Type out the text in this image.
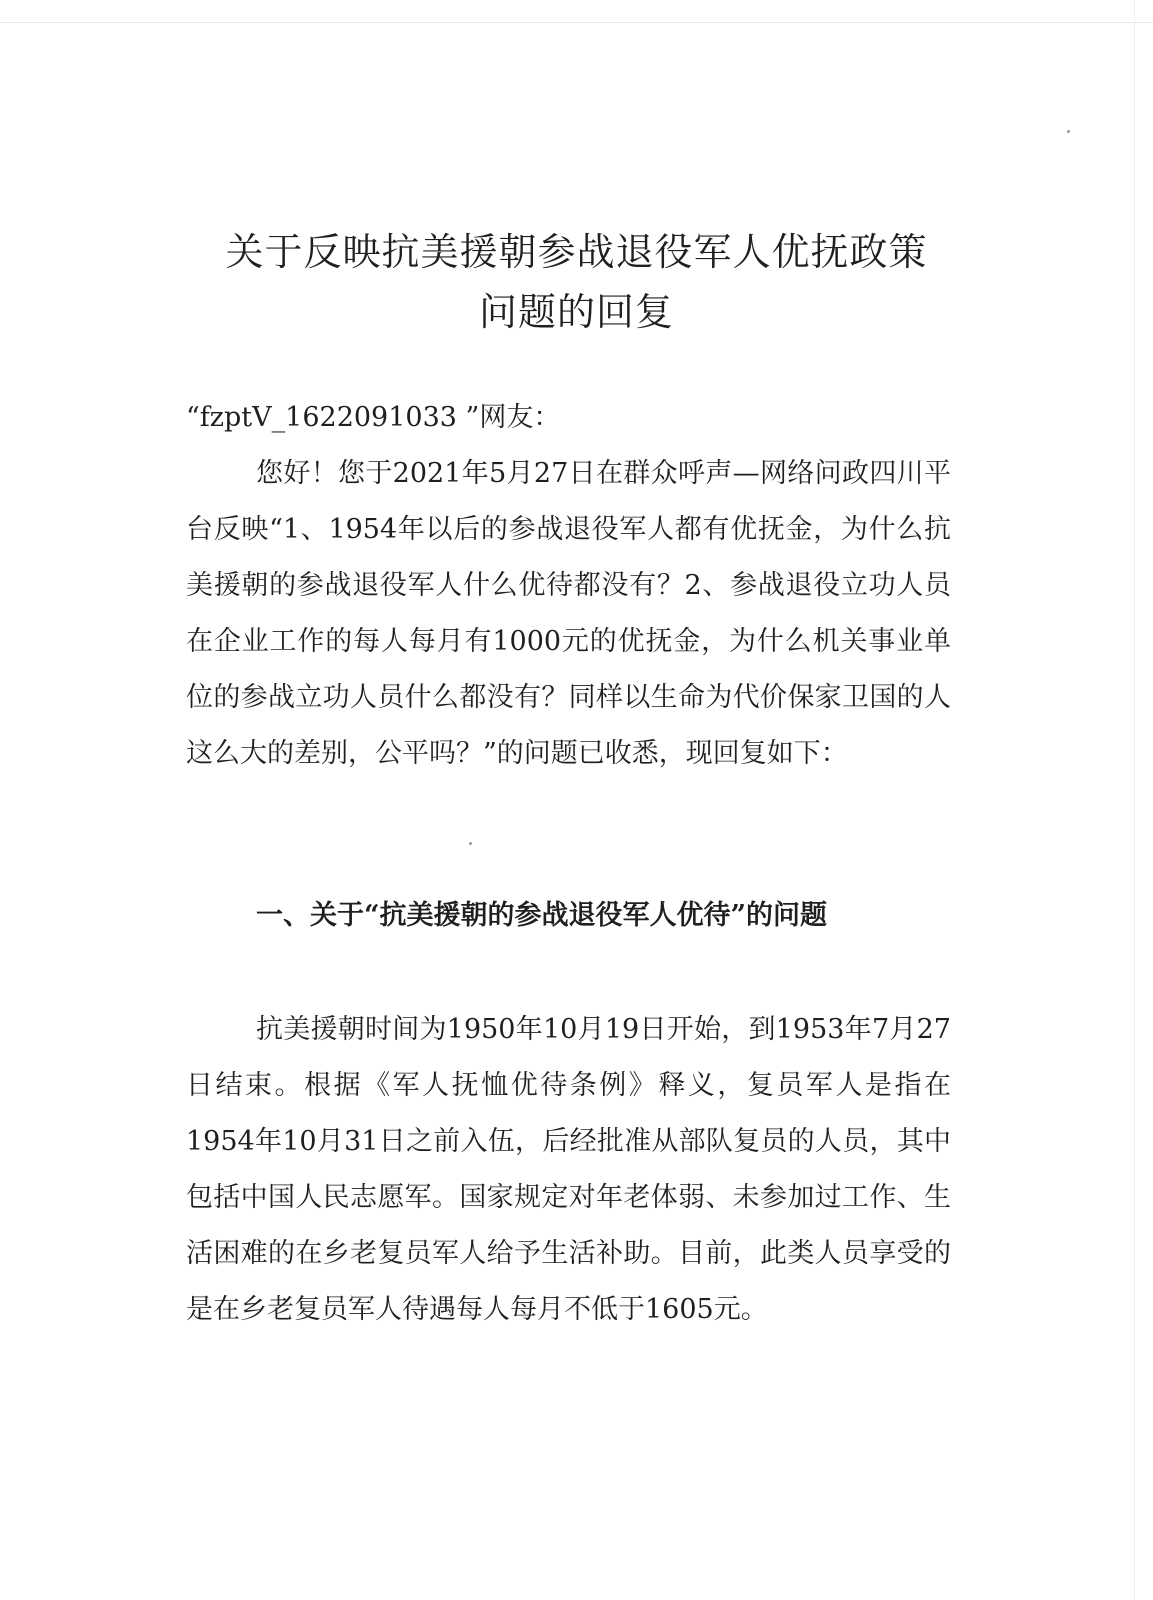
关于反映抗美援朝参战退役军人优抚政策
问题的回复

“fzptV_1622091033 ”网友：

您好！您于2021年5月27日在群众呼声—网络问政四川平台反映“1、1954年以后的参战退役军人都有优抚金，为什么抗美援朝的参战退役军人什么优待都没有？2、参战退役立功人员在企业工作的每人每月有1000元的优抚金，为什么机关事业单位的参战立功人员什么都没有？同样以生命为代价保家卫国的人这么大的差别，公平吗？”的问题已收悉，现回复如下：

一、关于“抗美援朝的参战退役军人优待”的问题

抗美援朝时间为1950年10月19日开始，到1953年7月27日结束。根据《军人抚恤优待条例》释义，复员军人是指在1954年10月31日之前入伍，后经批准从部队复员的人员，其中包括中国人民志愿军。国家规定对年老体弱、未参加过工作、生活困难的在乡老复员军人给予生活补助。目前，此类人员享受的是在乡老复员军人待遇每人每月不低于1605元。
